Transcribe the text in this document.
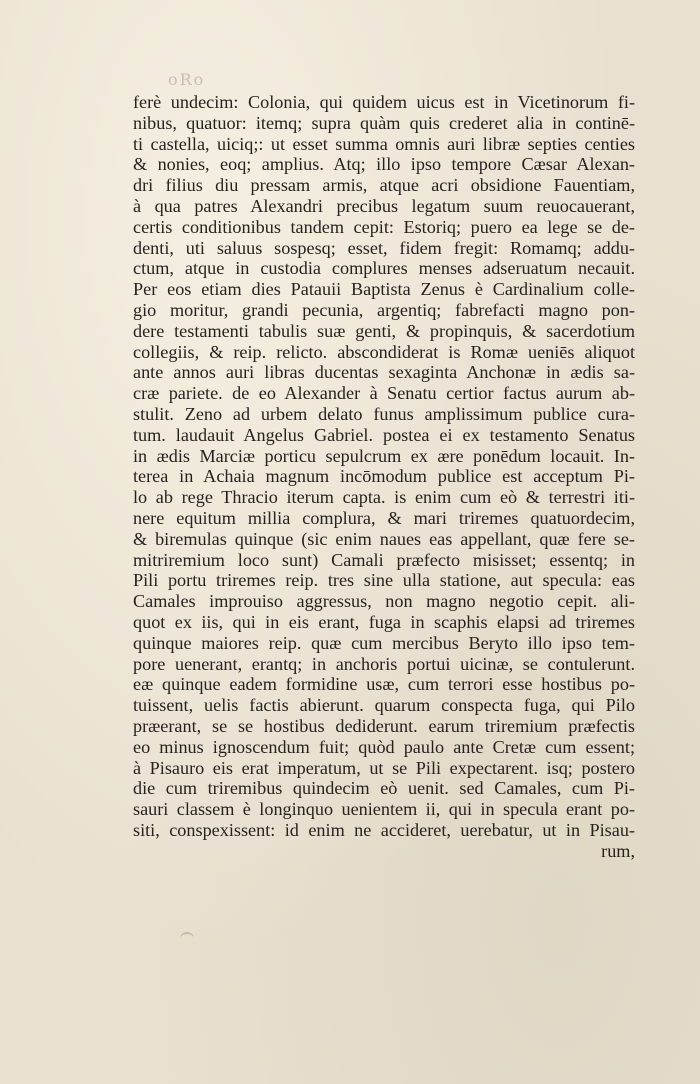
oRo
ferè undecim: Colonia, qui quidem uicus est in Vicetinorum fi-
nibus, quatuor: itemq; supra quàm quis crederet alia in continē-
ti castella, uiciq;: ut esset summa omnis auri libræ septies centies
& nonies, eoq; amplius. Atq; illo ipso tempore Cæsar Alexan-
dri filius diu pressam armis, atque acri obsidione Fauentiam,
à qua patres Alexandri precibus legatum suum reuocauerant,
certis conditionibus tandem cepit: Estoriq; puero ea lege se de-
denti, uti saluus sospesq; esset, fidem fregit: Romamq; addu-
ctum, atque in custodia complures menses adseruatum necauit.
Per eos etiam dies Patauii Baptista Zenus è Cardinalium colle-
gio moritur, grandi pecunia, argentiq; fabrefacti magno pon-
dere testamenti tabulis suæ genti, & propinquis, & sacerdotium
collegiis, & reip. relicto. abscondiderat is Romæ ueniēs aliquot
ante annos auri libras ducentas sexaginta Anchonæ in ædis sa-
cræ pariete. de eo Alexander à Senatu certior factus aurum ab-
stulit. Zeno ad urbem delato funus amplissimum publice cura-
tum. laudauit Angelus Gabriel. postea ei ex testamento Senatus
in ædis Marciæ porticu sepulcrum ex ære ponēdum locauit. In-
terea in Achaia magnum incōmodum publice est acceptum Pi-
lo ab rege Thracio iterum capta. is enim cum eò & terrestri iti-
nere equitum millia complura, & mari triremes quatuordecim,
& biremulas quinque (sic enim naues eas appellant, quæ fere se-
mitriremium loco sunt) Camali præfecto misisset; essentq; in
Pili portu triremes reip. tres sine ulla statione, aut specula: eas
Camales improuiso aggressus, non magno negotio cepit. ali-
quot ex iis, qui in eis erant, fuga in scaphis elapsi ad triremes
quinque maiores reip. quæ cum mercibus Beryto illo ipso tem-
pore uenerant, erantq; in anchoris portui uicinæ, se contulerunt.
eæ quinque eadem formidine usæ, cum terrori esse hostibus po-
tuissent, uelis factis abierunt. quarum conspecta fuga, qui Pilo
præerant, se se hostibus dediderunt. earum triremium præfectis
eo minus ignoscendum fuit; quòd paulo ante Cretæ cum essent;
à Pisauro eis erat imperatum, ut se Pili expectarent. isq; postero
die cum triremibus quindecim eò uenit. sed Camales, cum Pi-
sauri classem è longinquo uenientem ii, qui in specula erant po-
siti, conspexissent: id enim ne accideret, uerebatur, ut in Pisau-
rum,
